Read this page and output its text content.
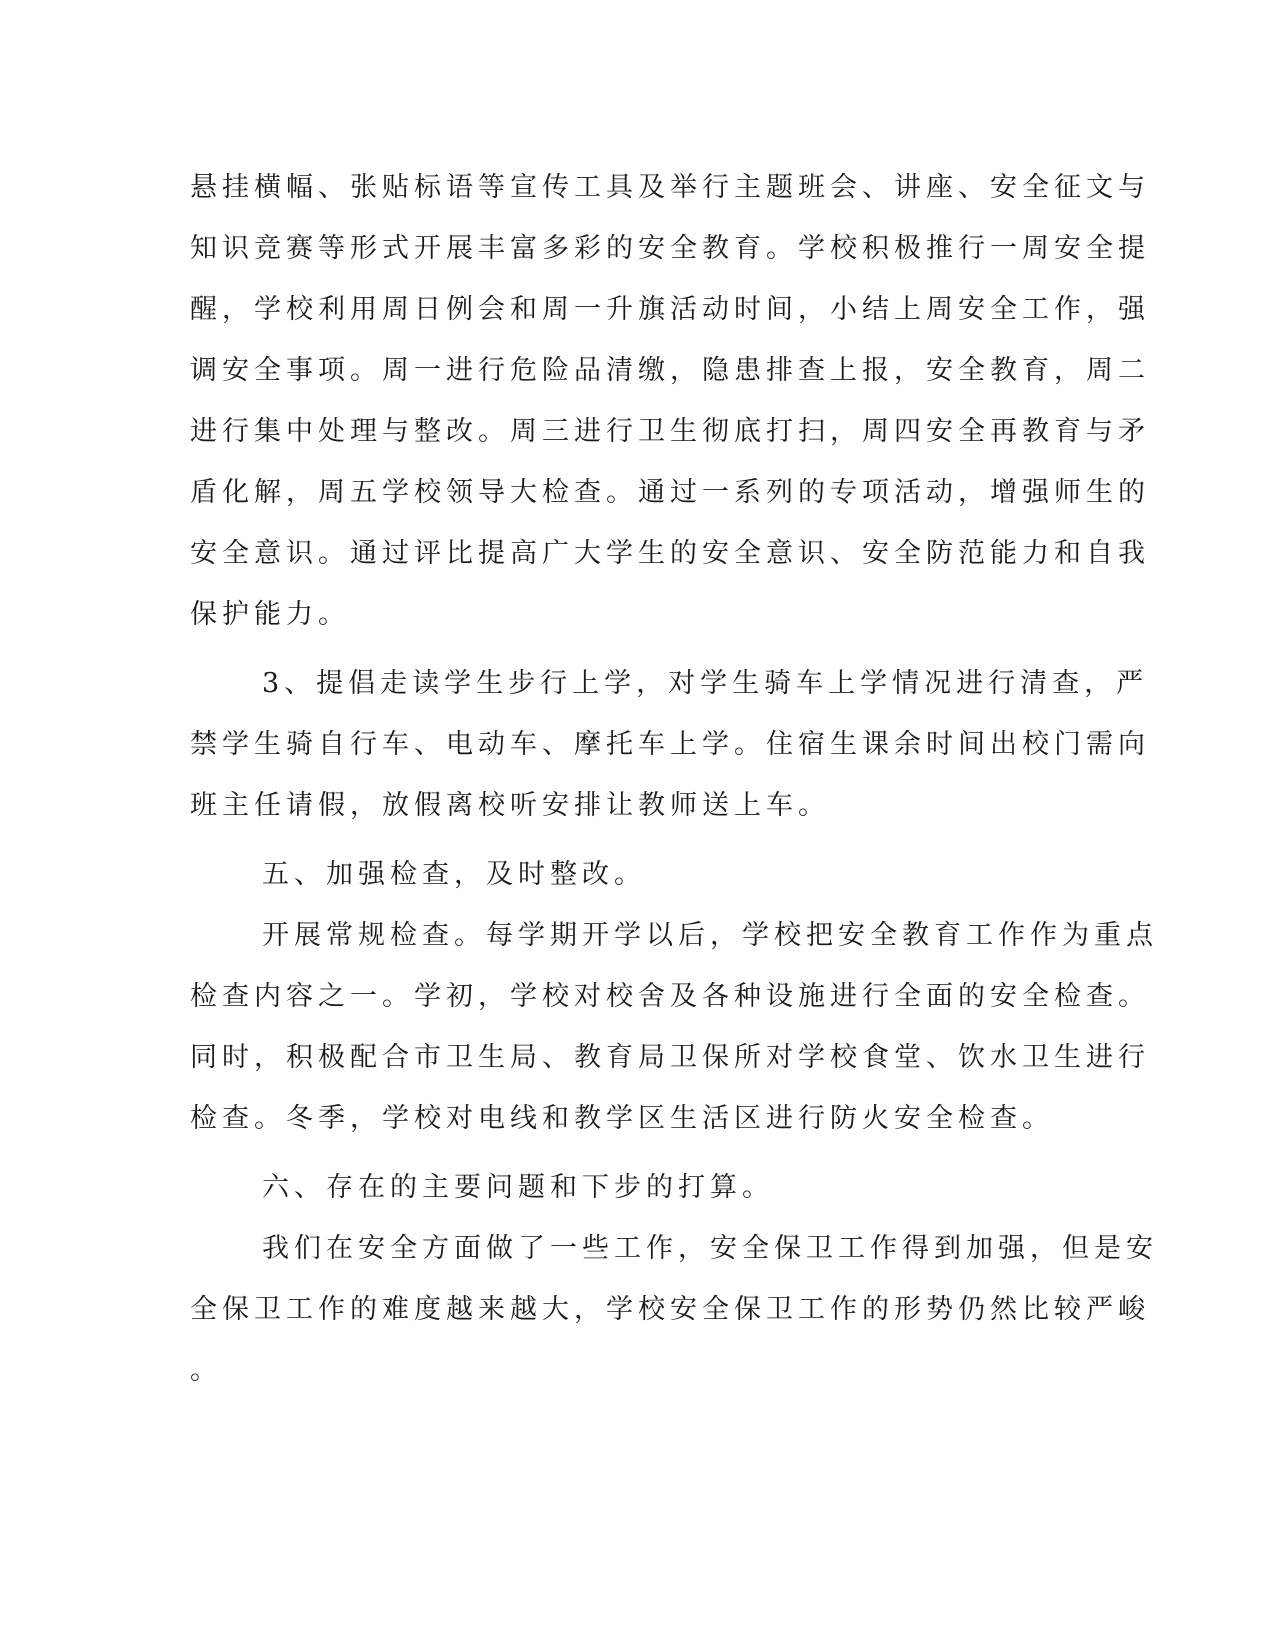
悬挂横幅、张贴标语等宣传工具及举行主题班会、讲座、安全征文与
知识竞赛等形式开展丰富多彩的安全教育。学校积极推行一周安全提
醒，学校利用周日例会和周一升旗活动时间，小结上周安全工作，强
调安全事项。周一进行危险品清缴，隐患排查上报，安全教育，周二
进行集中处理与整改。周三进行卫生彻底打扫，周四安全再教育与矛
盾化解，周五学校领导大检查。通过一系列的专项活动，增强师生的
安全意识。通过评比提高广大学生的安全意识、安全防范能力和自我
保护能力。
3、提倡走读学生步行上学，对学生骑车上学情况进行清查，严
禁学生骑自行车、电动车、摩托车上学。住宿生课余时间出校门需向
班主任请假，放假离校听安排让教师送上车。
五、加强检查，及时整改。
开展常规检查。每学期开学以后，学校把安全教育工作作为重点
检查内容之一。学初，学校对校舍及各种设施进行全面的安全检查。
同时，积极配合市卫生局、教育局卫保所对学校食堂、饮水卫生进行
检查。冬季，学校对电线和教学区生活区进行防火安全检查。
六、存在的主要问题和下步的打算。
我们在安全方面做了一些工作，安全保卫工作得到加强，但是安
全保卫工作的难度越来越大，学校安全保卫工作的形势仍然比较严峻
。
